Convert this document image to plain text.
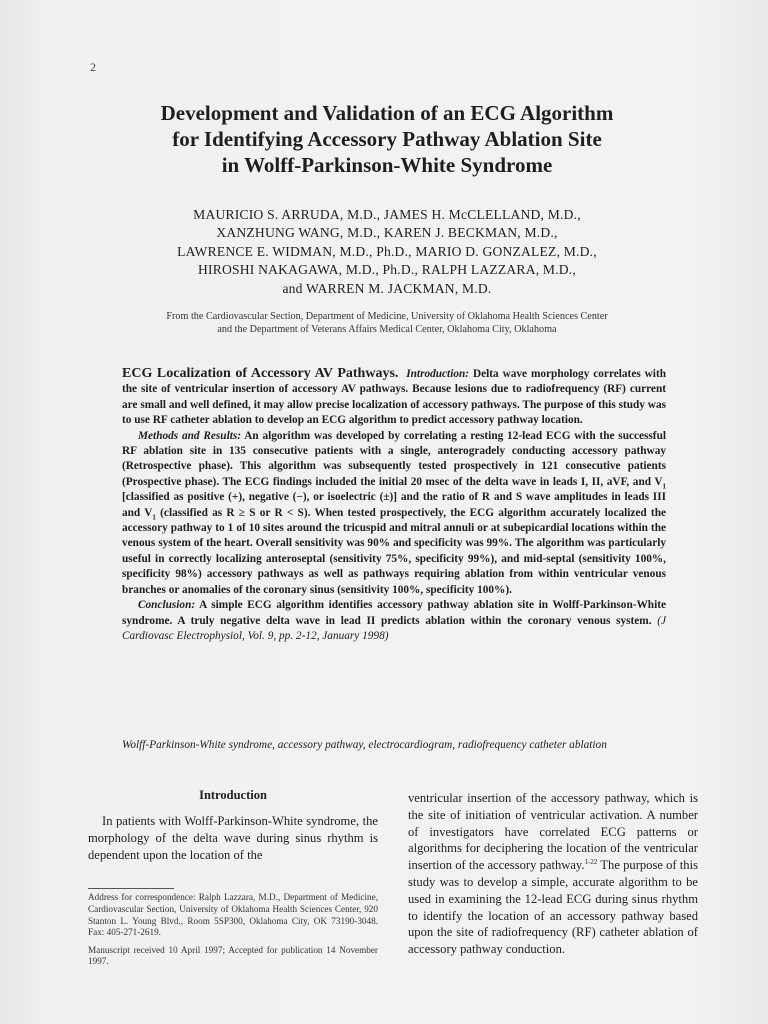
2
Development and Validation of an ECG Algorithm
for Identifying Accessory Pathway Ablation Site
in Wolff-Parkinson-White Syndrome
MAURICIO S. ARRUDA, M.D., JAMES H. McCLELLAND, M.D.,
XANZHUNG WANG, M.D., KAREN J. BECKMAN, M.D.,
LAWRENCE E. WIDMAN, M.D., Ph.D., MARIO D. GONZALEZ, M.D.,
HIROSHI NAKAGAWA, M.D., Ph.D., RALPH LAZZARA, M.D.,
and WARREN M. JACKMAN, M.D.
From the Cardiovascular Section, Department of Medicine, University of Oklahoma Health Sciences Center
and the Department of Veterans Affairs Medical Center, Oklahoma City, Oklahoma

ECG Localization of Accessory AV Pathways. Introduction: Delta wave morphology correlates with the site of ventricular insertion of accessory AV pathways. Because lesions due to radiofrequency (RF) current are small and well defined, it may allow precise localization of accessory pathways. The purpose of this study was to use RF catheter ablation to develop an ECG algorithm to predict accessory pathway location.

Methods and Results: An algorithm was developed by correlating a resting 12-lead ECG with the successful RF ablation site in 135 consecutive patients with a single, anterogradely conducting accessory pathway (Retrospective phase). This algorithm was subsequently tested prospectively in 121 consecutive patients (Prospective phase). The ECG findings included the initial 20 msec of the delta wave in leads I, II, aVF, and $V_1$ [classified as positive (+), negative (−), or isoelectric (±)] and the ratio of R and S wave amplitudes in leads III and $V_1$ (classified as R ≥ S or R < S). When tested prospectively, the ECG algorithm accurately localized the accessory pathway to 1 of 10 sites around the tricuspid and mitral annuli or at subepicardial locations within the venous system of the heart. Overall sensitivity was 90% and specificity was 99%. The algorithm was particularly useful in correctly localizing anteroseptal (sensitivity 75%, specificity 99%), and mid-septal (sensitivity 100%, specificity 98%) accessory pathways as well as pathways requiring ablation from within ventricular venous branches or anomalies of the coronary sinus (sensitivity 100%, specificity 100%).

Conclusion: A simple ECG algorithm identifies accessory pathway ablation site in Wolff-Parkinson-White syndrome. A truly negative delta wave in lead II predicts ablation within the coronary venous system. (J Cardiovasc Electrophysiol, Vol. 9, pp. 2-12, January 1998)

Wolff-Parkinson-White syndrome, accessory pathway, electrocardiogram, radiofrequency catheter ablation
Introduction

In patients with Wolff-Parkinson-White syndrome, the morphology of the delta wave during sinus rhythm is dependent upon the location of the

Address for correspondence: Ralph Lazzara, M.D., Department of Medicine, Cardiovascular Section, University of Oklahoma Health Sciences Center, 920 Stanton L. Young Blvd., Room 5SP300, Oklahoma City, OK 73190-3048. Fax: 405-271-2619.

Manuscript received 10 April 1997; Accepted for publication 14 November 1997.

ventricular insertion of the accessory pathway, which is the site of initiation of ventricular activation. A number of investigators have correlated ECG patterns or algorithms for deciphering the location of the ventricular insertion of the accessory pathway.$^{1-22}$ The purpose of this study was to develop a simple, accurate algorithm to be used in examining the 12-lead ECG during sinus rhythm to identify the location of an accessory pathway based upon the site of radiofrequency (RF) catheter ablation of accessory pathway conduction.
